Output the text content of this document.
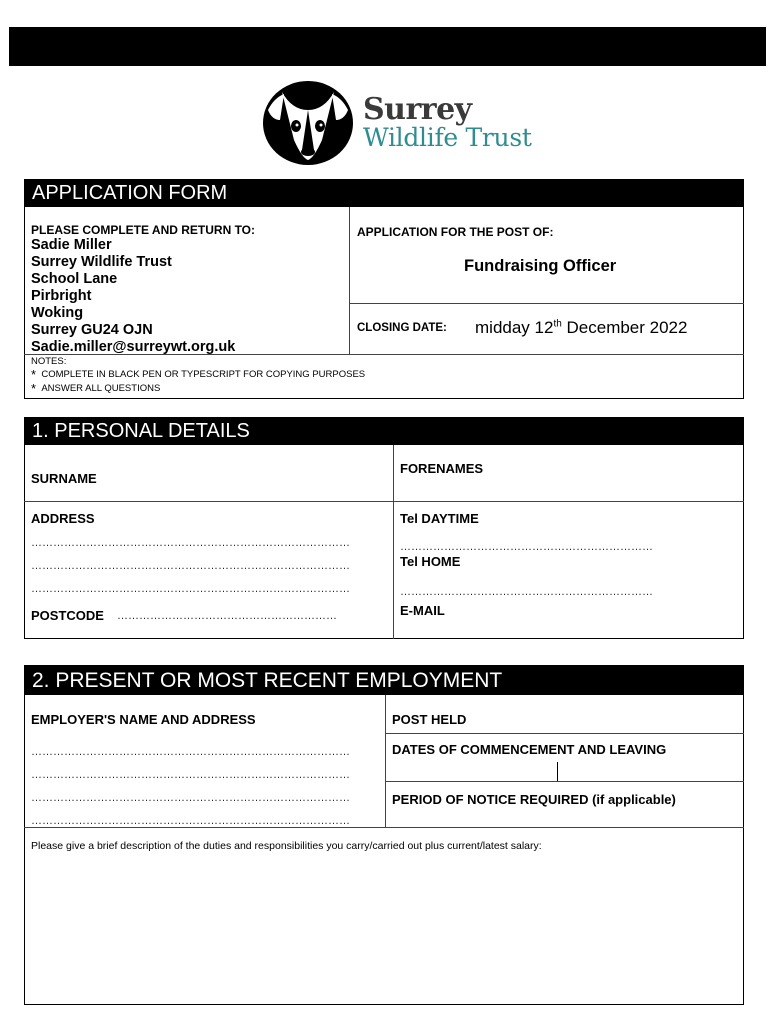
Surrey
Wildlife Trust
APPLICATION FORM
PLEASE COMPLETE AND RETURN TO:
Sadie Miller
Surrey Wildlife Trust
School Lane
Pirbright
Woking
Surrey GU24 OJN
Sadie.miller@surreywt.org.uk
APPLICATION FOR THE POST OF:
Fundraising Officer
CLOSING DATE: midday 12th December 2022
NOTES:
* COMPLETE IN BLACK PEN OR TYPESCRIPT FOR COPYING PURPOSES
* ANSWER ALL QUESTIONS
1. PERSONAL DETAILS
SURNAME
FORENAMES
ADDRESS
……………………………………………………………………………
……………………………………………………………………………
……………………………………………………………………………
POSTCODE ……………………………………………………
Tel DAYTIME
……………………………………………………………
Tel HOME
……………………………………………………………
E-MAIL
2. PRESENT OR MOST RECENT EMPLOYMENT
EMPLOYER'S NAME AND ADDRESS
……………………………………………………………………………
……………………………………………………………………………
……………………………………………………………………………
……………………………………………………………………………
POST HELD
DATES OF COMMENCEMENT AND LEAVING
PERIOD OF NOTICE REQUIRED (if applicable)
Please give a brief description of the duties and responsibilities you carry/carried out plus current/latest salary:
